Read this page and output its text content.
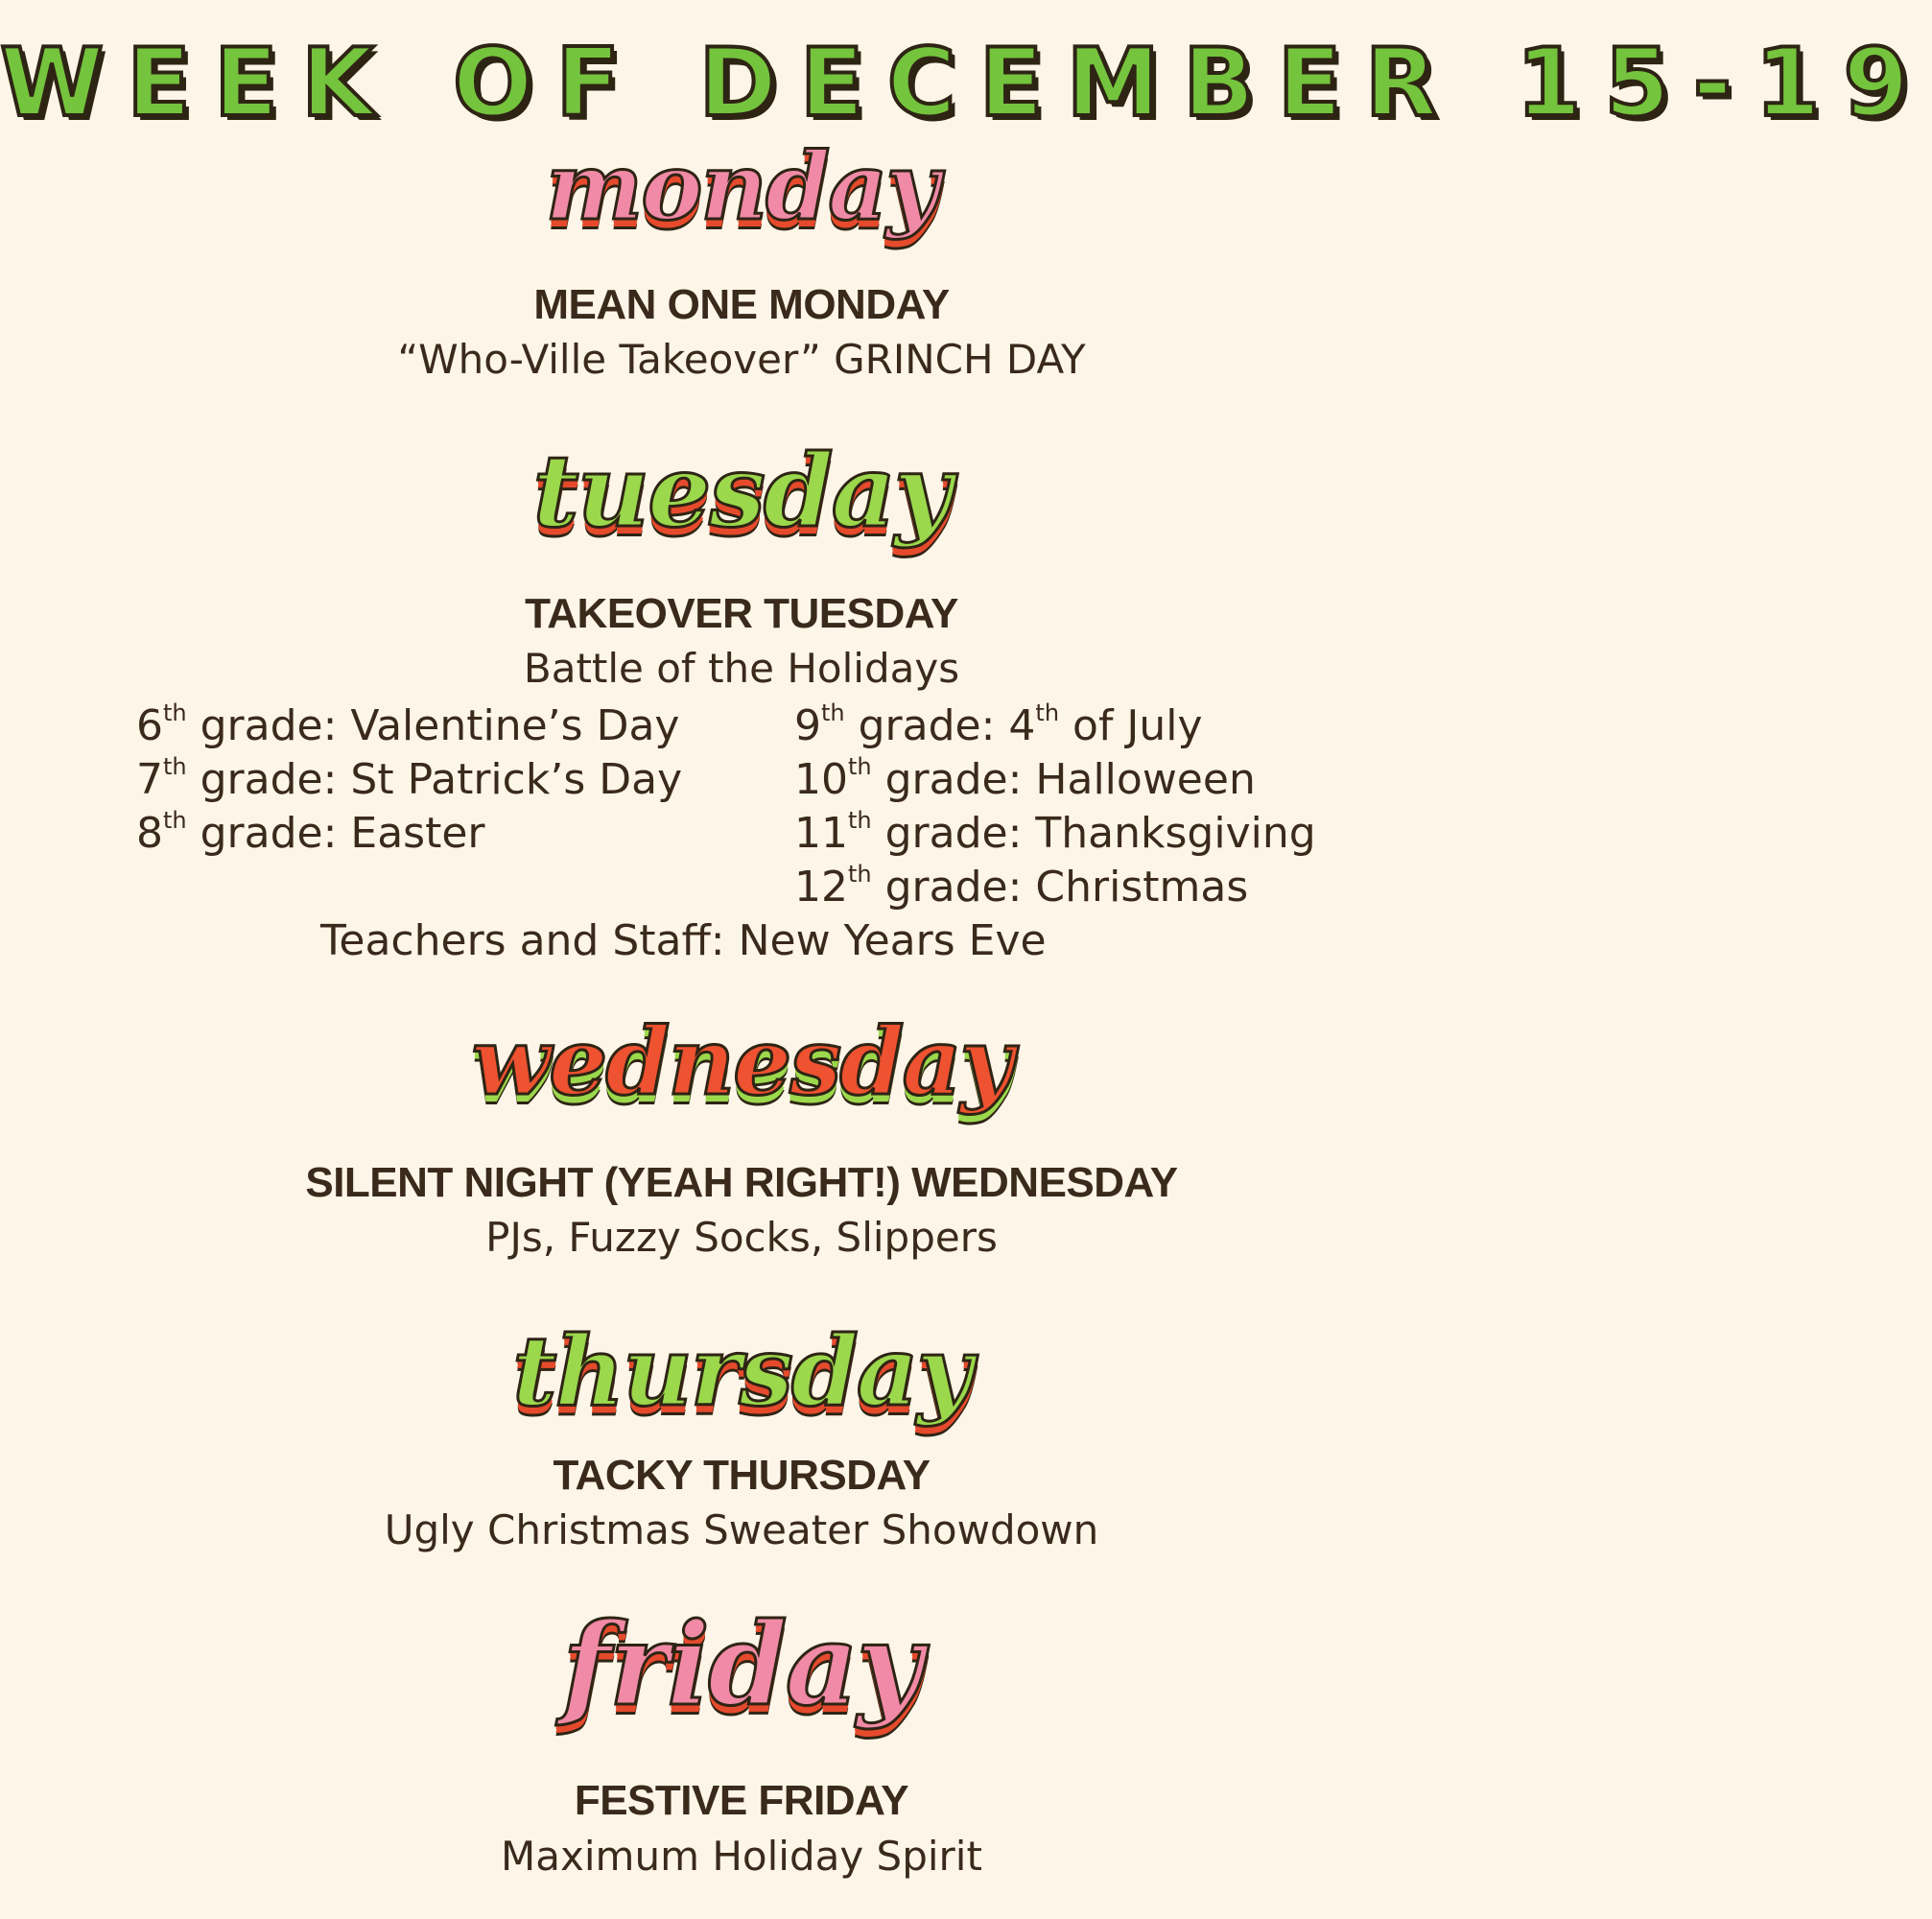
WEEK OF DECEMBER 15-19
monday
MEAN ONE MONDAY
“Who-Ville Takeover” GRINCH DAY
tuesday
TAKEOVER TUESDAY
Battle of the Holidays
6th grade: Valentine’s Day
7th grade: St Patrick’s Day
8th grade: Easter
9th grade: 4th of July
10th grade: Halloween
11th grade: Thanksgiving
12th grade: Christmas
Teachers and Staff: New Years Eve
wednesday
SILENT NIGHT (YEAH RIGHT!) WEDNESDAY
PJs, Fuzzy Socks, Slippers
thursday
TACKY THURSDAY
Ugly Christmas Sweater Showdown
friday
FESTIVE FRIDAY
Maximum Holiday Spirit
